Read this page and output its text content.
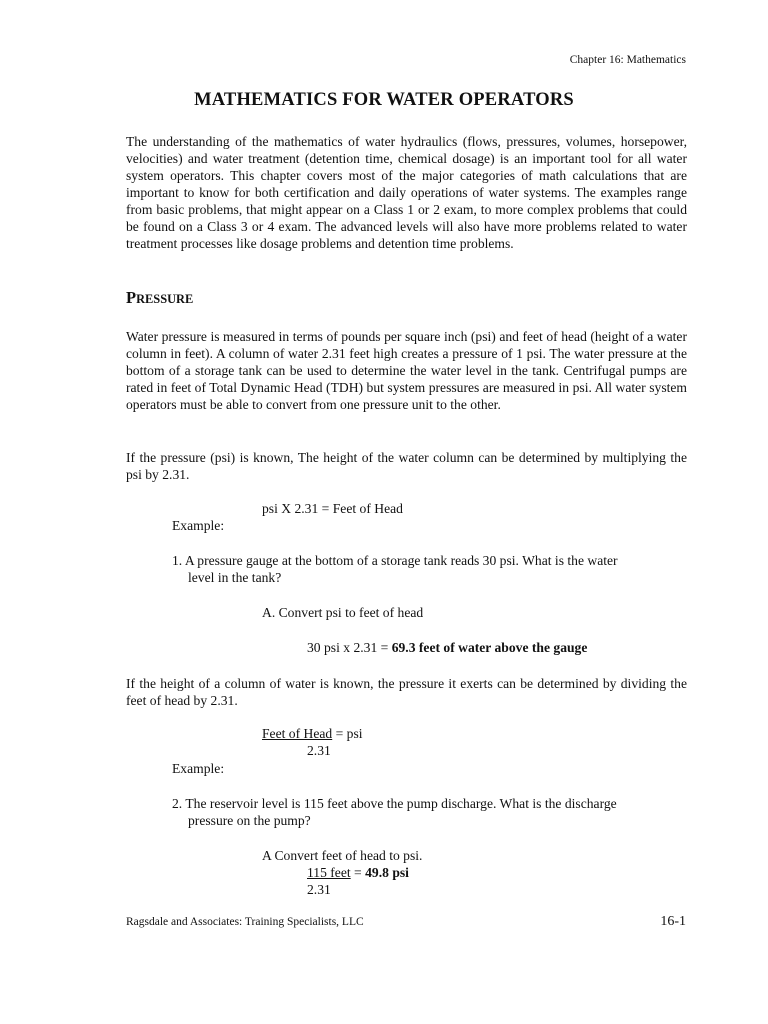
Chapter 16: Mathematics
MATHEMATICS FOR WATER OPERATORS

The understanding of the mathematics of water hydraulics (flows, pressures, volumes, horsepower, velocities) and water treatment (detention time, chemical dosage) is an important tool for all water system operators. This chapter covers most of the major categories of math calculations that are important to know for both certification and daily operations of water systems. The examples range from basic problems, that might appear on a Class 1 or 2 exam, to more complex problems that could be found on a Class 3 or 4 exam. The advanced levels will also have more problems related to water treatment processes like dosage problems and detention time problems.

PRESSURE

Water pressure is measured in terms of pounds per square inch (psi) and feet of head (height of a water column in feet). A column of water 2.31 feet high creates a pressure of 1 psi. The water pressure at the bottom of a storage tank can be used to determine the water level in the tank. Centrifugal pumps are rated in feet of Total Dynamic Head (TDH) but system pressures are measured in psi. All water system operators must be able to convert from one pressure unit to the other.

If the pressure (psi) is known, The height of the water column can be determined by multiplying the psi by 2.31.

psi X 2.31 = Feet of Head
Example:
1. A pressure gauge at the bottom of a storage tank reads 30 psi. What is the water
level in the tank?
A. Convert psi to feet of head
30 psi x 2.31 = 69.3 feet of water above the gauge

If the height of a column of water is known, the pressure it exerts can be determined by dividing the feet of head by 2.31.

Feet of Head = psi
2.31
Example:
2. The reservoir level is 115 feet above the pump discharge. What is the discharge
pressure on the pump?
A Convert feet of head to psi.
115 feet = 49.8 psi
2.31
Ragsdale and Associates: Training Specialists, LLC	16-1
